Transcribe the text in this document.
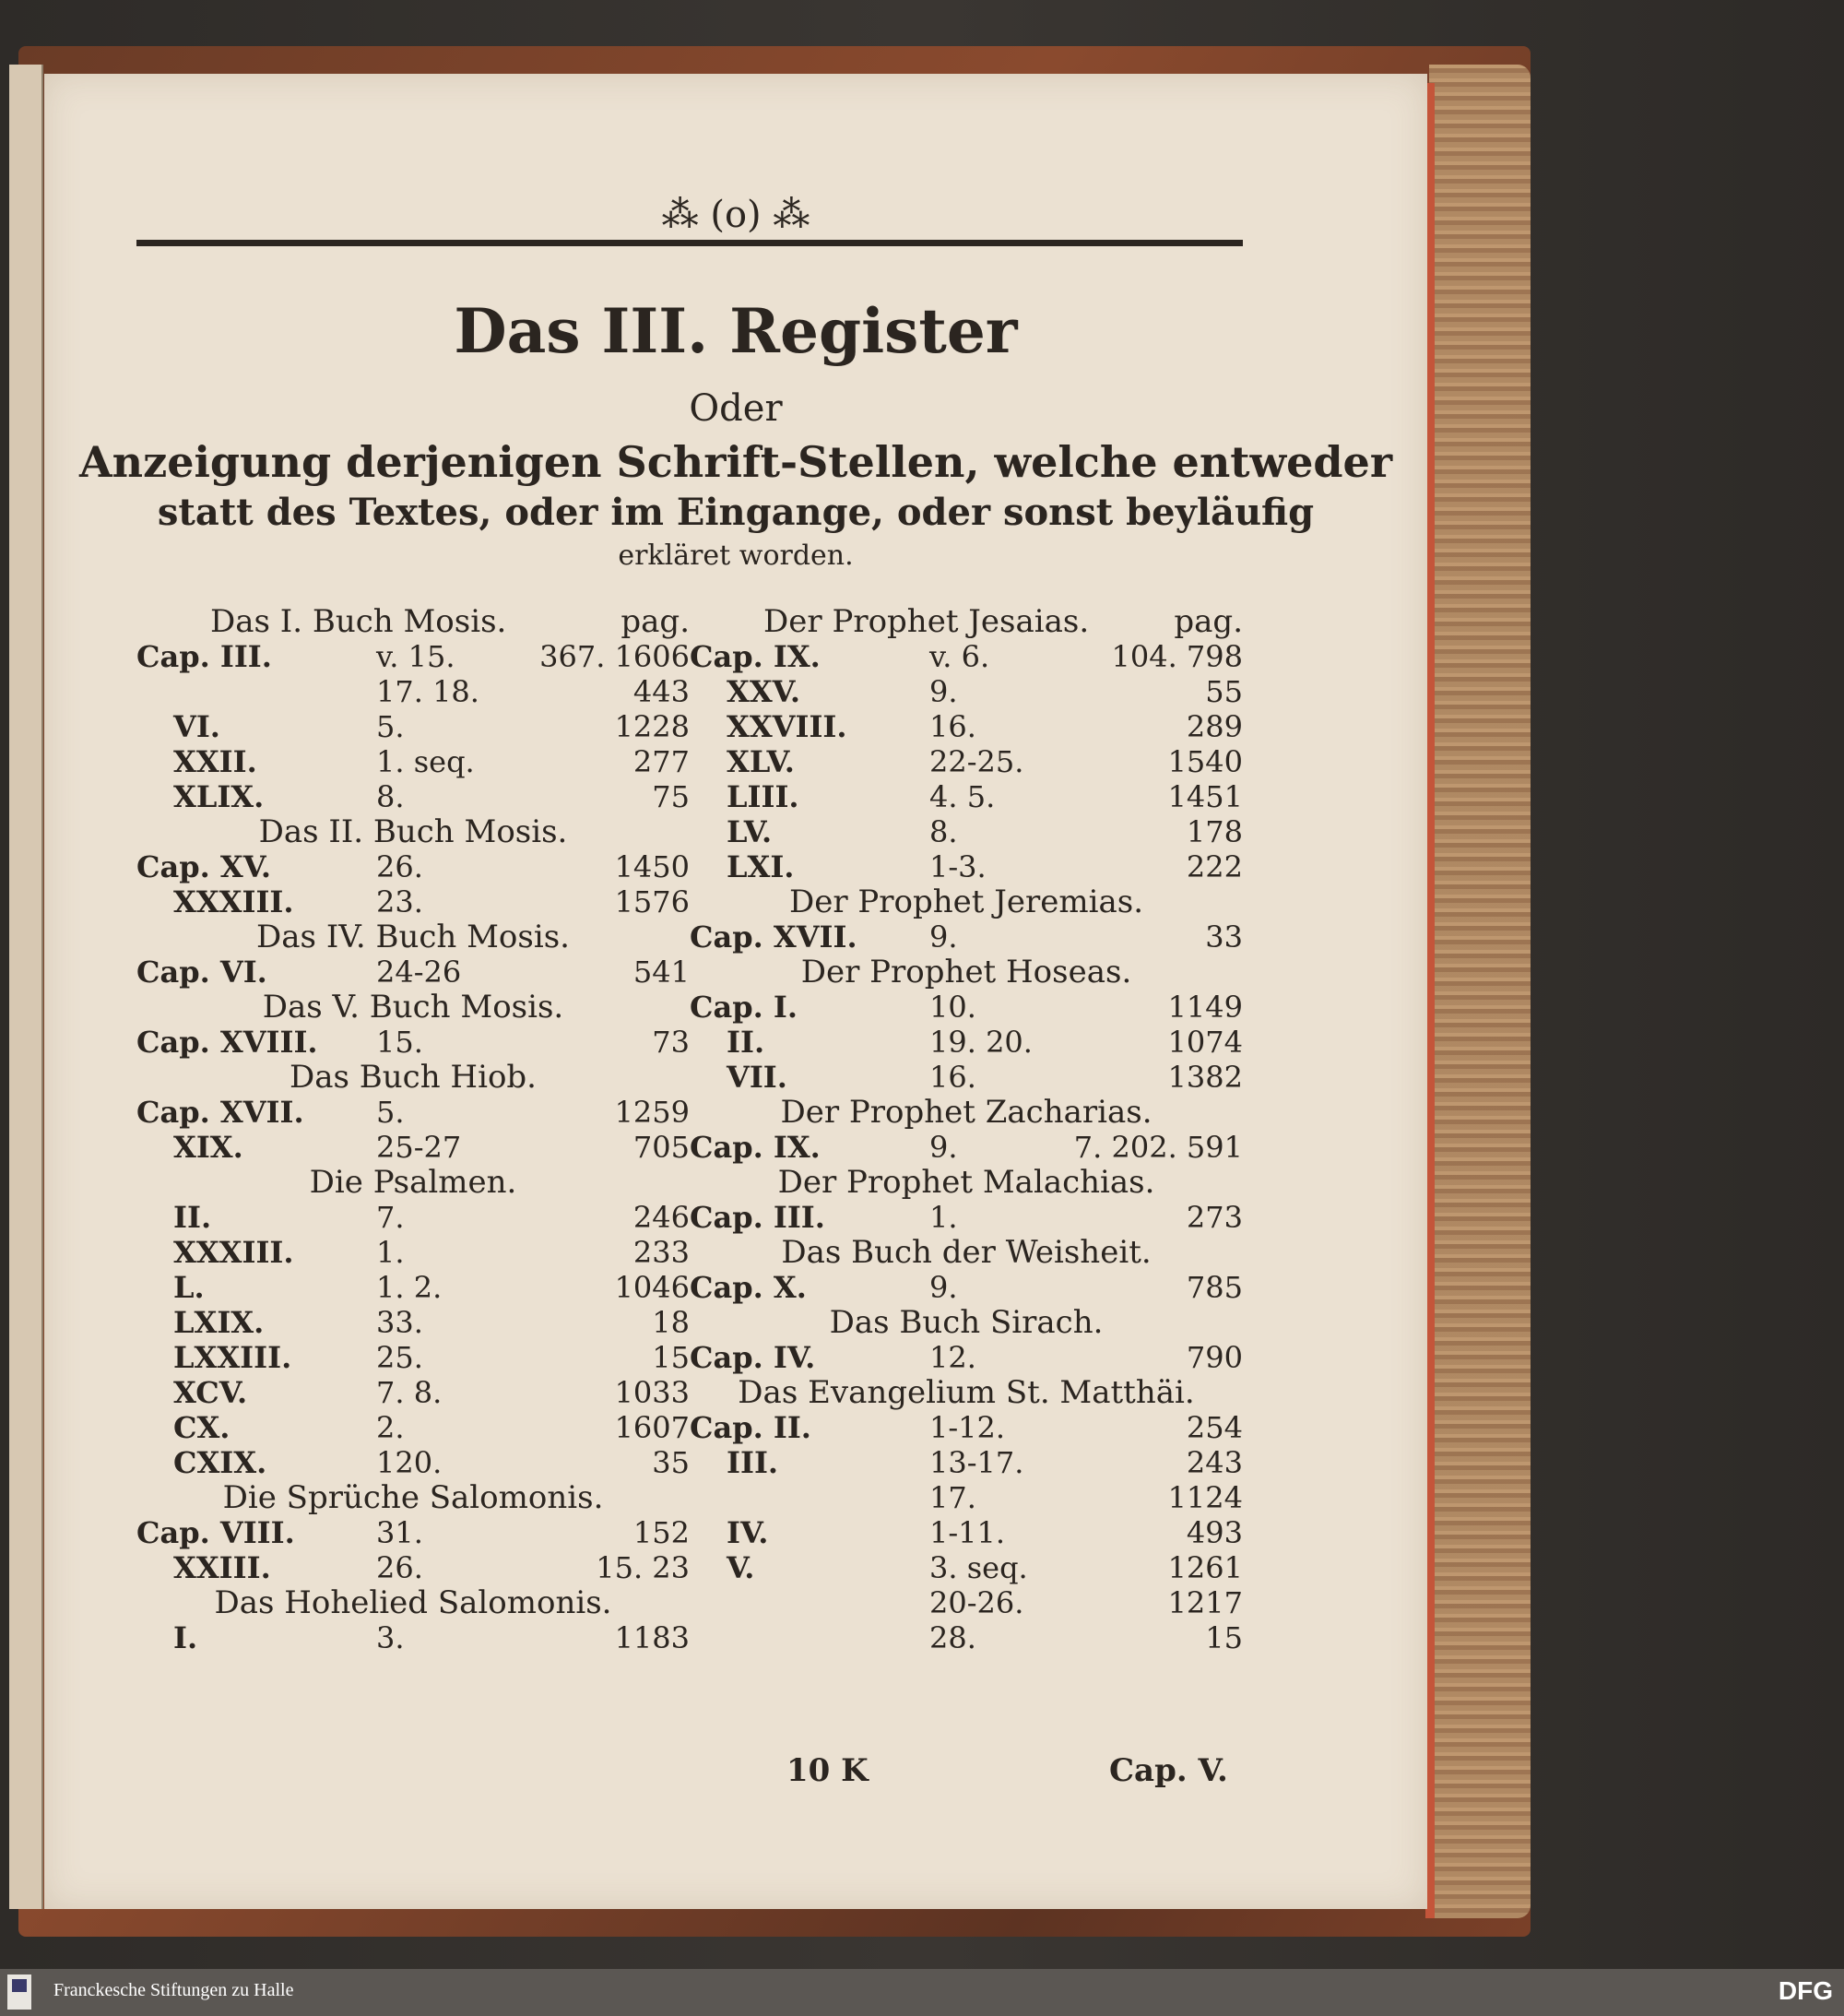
⁂ (o) ⁂
Das III. Register
Oder
Anzeigung derjenigen Schrift-Stellen, welche entweder
statt des Textes, oder im Eingange, oder sonst beyläufig
erkläret worden.
Das I. Buch Mosis.	pag.
Cap. III.	v. 15.	367. 1606
17. 18.	443
VI.	5.	1228
XXII.	1. seq.	277
XLIX.	8.	75
Das II. Buch Mosis.
Cap. XV.	26.	1450
XXXIII.	23.	1576
Das IV. Buch Mosis.
Cap. VI.	24-26	541
Das V. Buch Mosis.
Cap. XVIII. 15.	73
Das Buch Hiob.
Cap. XVII. 5.	1259
XIX.	25-27	705
Die Psalmen.
II.	7.	246
XXXIII.	1.	233
L.	1. 2.	1046
LXIX.	33.	18
LXXIII.	25.	15
XCV.	7. 8.	1033
CX.	2.	1607
CXIX.	120.	35
Die Sprüche Salomonis.
Cap. VIII.	31.	152
XXIII.	26.	15. 23
Das Hohelied Salomonis.
I.	3.	1183
Der Prophet Jesaias.	pag.
Cap. IX.	v. 6.	104. 798
XXV.	9.	55
XXVIII.	16.	289
XLV.	22-25.	1540
LIII.	4. 5.	1451
LV.	8.	178
LXI.	1-3.	222
Der Prophet Jeremias.
Cap. XVII. 9.	33
Der Prophet Hoseas.
Cap. I.	10.	1149
II.	19. 20.	1074
VII.	16.	1382
Der Prophet Zacharias.
Cap. IX.	9.	7. 202. 591
Der Prophet Malachias.
Cap. III.	1.	273
Das Buch der Weisheit.
Cap. X.	9.	785
Das Buch Sirach.
Cap. IV.	12.	790
Das Evangelium St. Matthäi.
Cap. II.	1-12.	254
III.	13-17.	243
17.	1124
IV.	1-11.	493
V.	3. seq.	1261
20-26.	1217
28.	15
10 K	Cap. V.
Franckesche Stiftungen zu Halle	DFG
